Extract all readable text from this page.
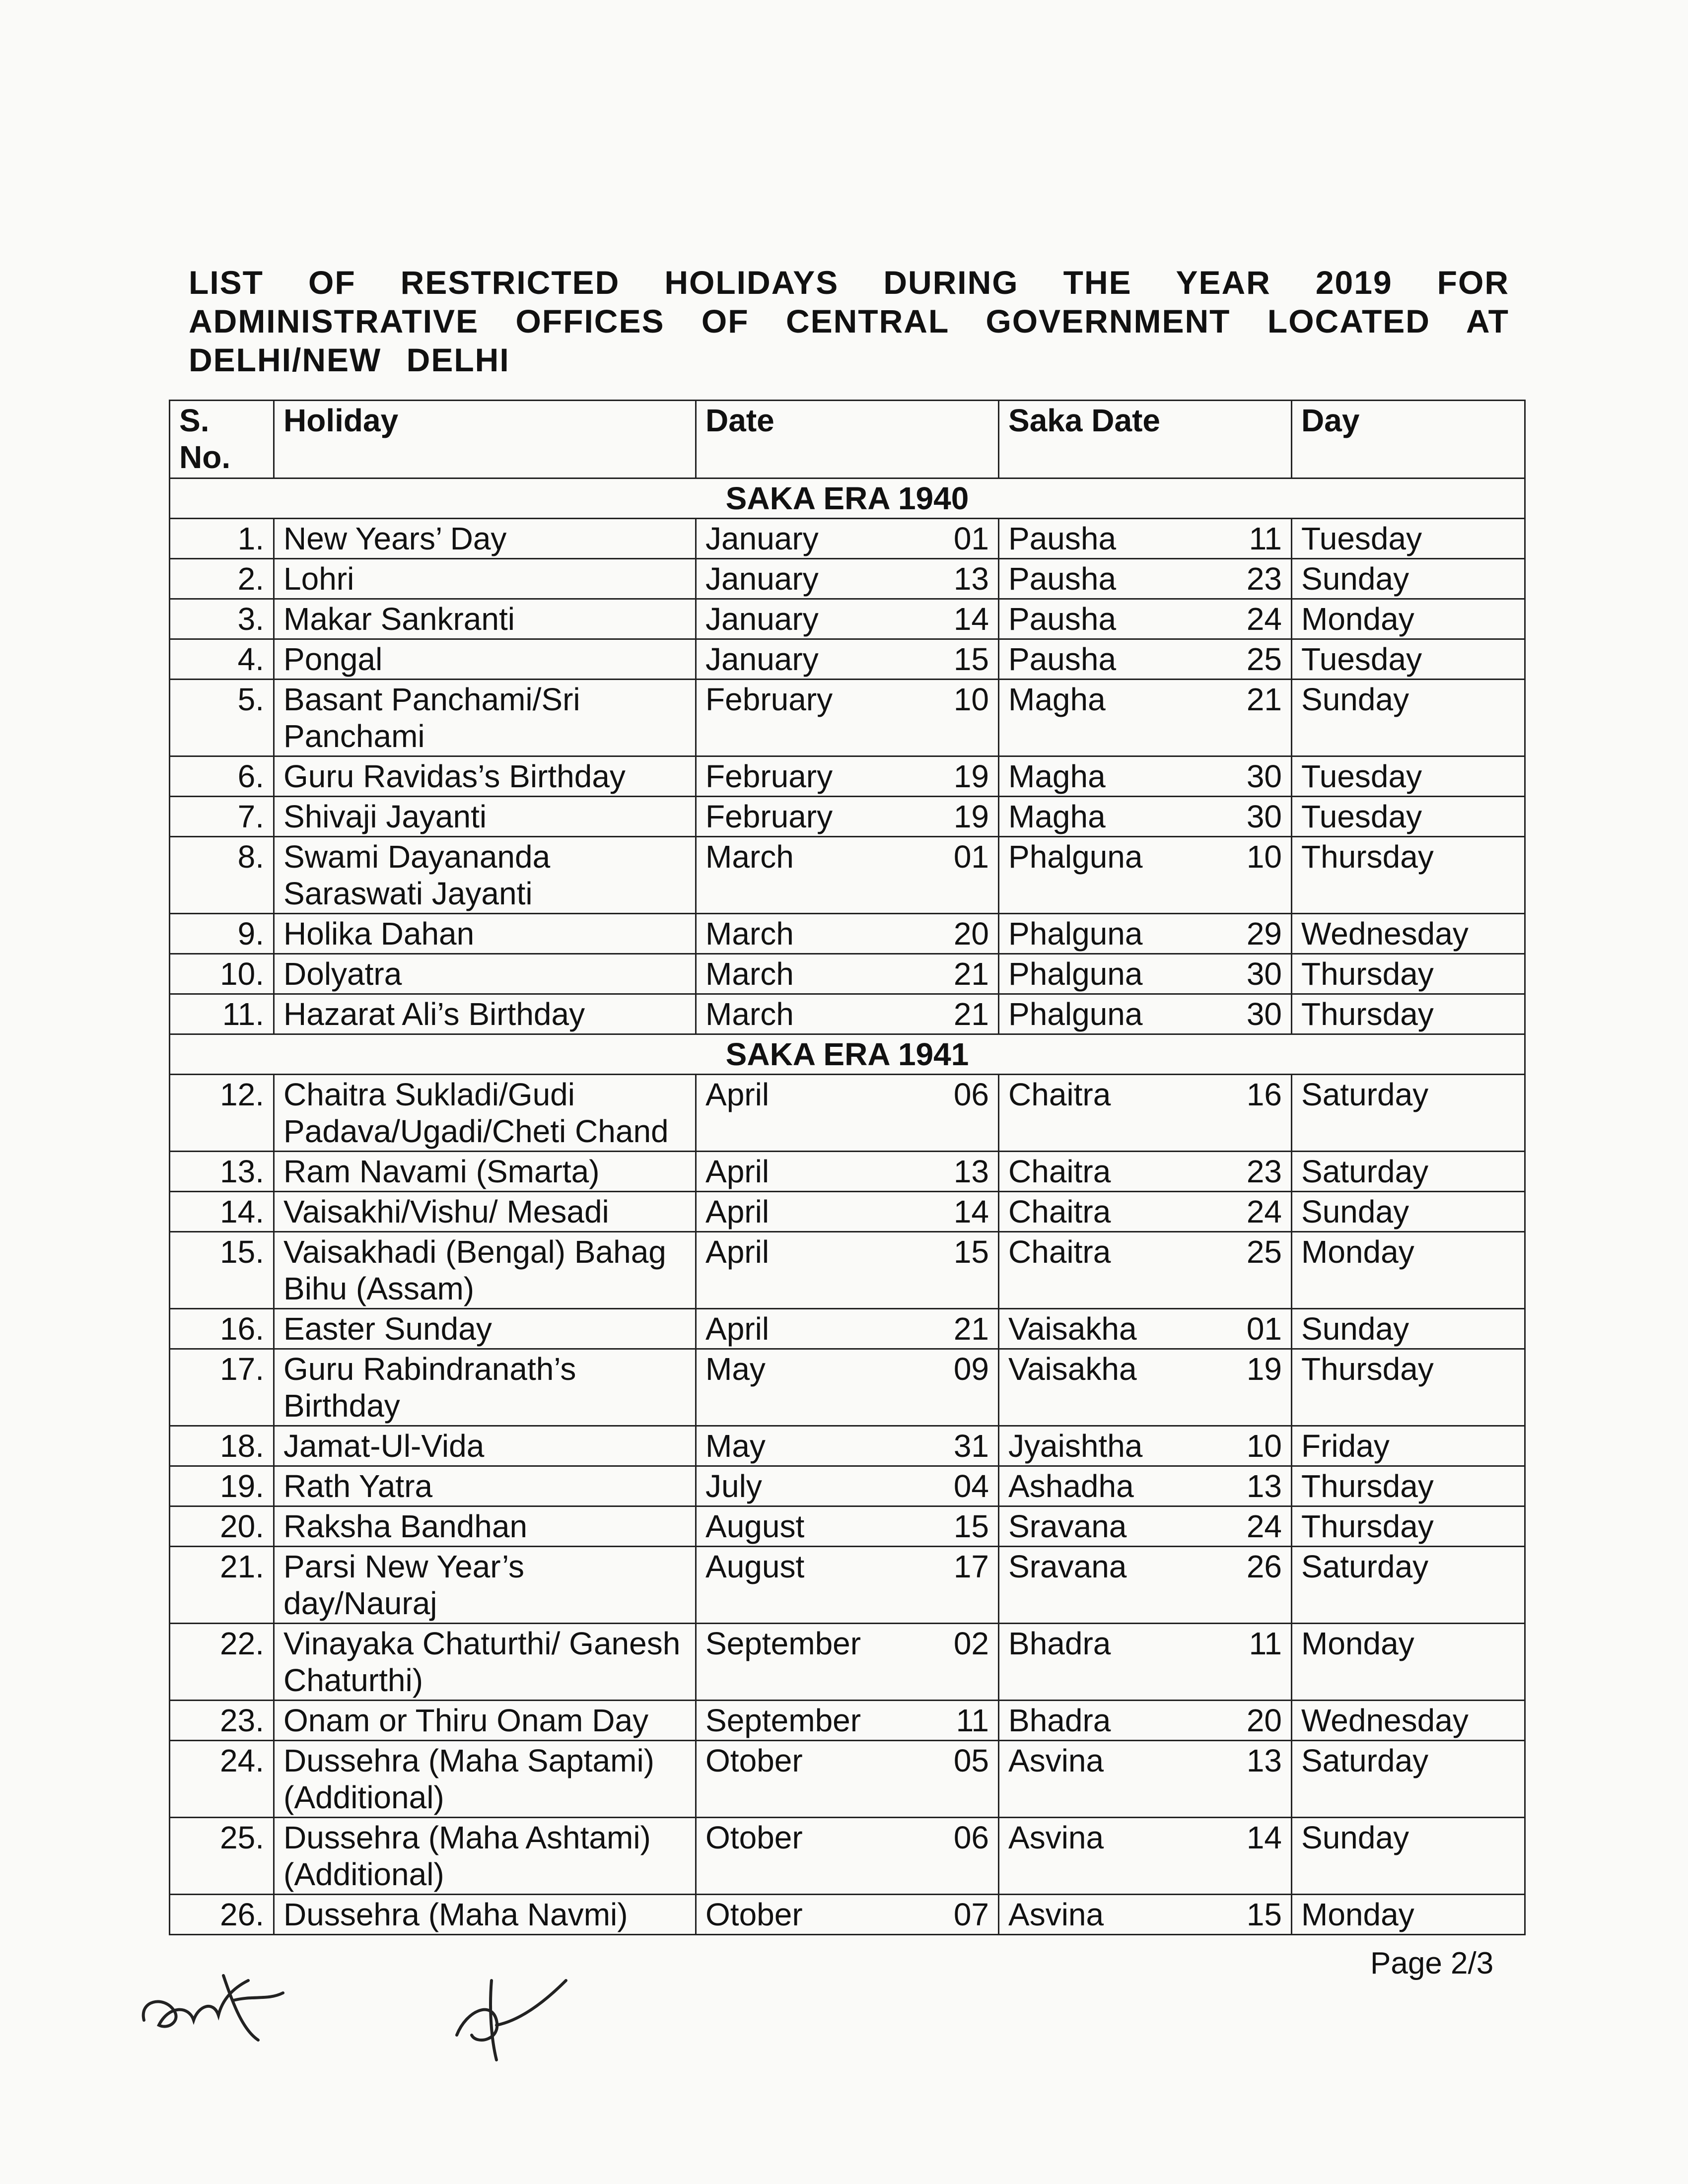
LIST OF RESTRICTED HOLIDAYS DURING THE YEAR 2019 FOR ADMINISTRATIVE OFFICES OF CENTRAL GOVERNMENT LOCATED AT DELHI/NEW DELHI
S. No.	Holiday	Date	Saka Date	Day
SAKA ERA 1940				
1.	New Years’ Day	January 01	Pausha 11	Tuesday
2.	Lohri	January 13	Pausha 23	Sunday
3.	Makar Sankranti	January 14	Pausha 24	Monday
4.	Pongal	January 15	Pausha 25	Tuesday
5.	Basant Panchami/Sri Panchami	February 10	Magha 21	Sunday
6.	Guru Ravidas’s Birthday	February 19	Magha 30	Tuesday
7.	Shivaji Jayanti	February 19	Magha 30	Tuesday
8.	Swami Dayananda Saraswati Jayanti	March 01	Phalguna 10	Thursday
9.	Holika Dahan	March 20	Phalguna 29	Wednesday
10.	Dolyatra	March 21	Phalguna 30	Thursday
11.	Hazarat Ali’s Birthday	March 21	Phalguna 30	Thursday
SAKA ERA 1941				
12.	Chaitra Sukladi/Gudi Padava/Ugadi/Cheti Chand	April 06	Chaitra 16	Saturday
13.	Ram Navami (Smarta)	April 13	Chaitra 23	Saturday
14.	Vaisakhi/Vishu/ Mesadi	April 14	Chaitra 24	Sunday
15.	Vaisakhadi (Bengal) Bahag Bihu (Assam)	April 15	Chaitra 25	Monday
16.	Easter Sunday	April 21	Vaisakha 01	Sunday
17.	Guru Rabindranath’s Birthday	May 09	Vaisakha 19	Thursday
18.	Jamat-Ul-Vida	May 31	Jyaishtha 10	Friday
19.	Rath Yatra	July 04	Ashadha 13	Thursday
20.	Raksha Bandhan	August 15	Sravana 24	Thursday
21.	Parsi New Year’s day/Nauraj	August 17	Sravana 26	Saturday
22.	Vinayaka Chaturthi/ Ganesh Chaturthi)	September 02	Bhadra 11	Monday
23.	Onam or Thiru Onam Day	September 11	Bhadra 20	Wednesday
24.	Dussehra (Maha Saptami) (Additional)	Otober 05	Asvina 13	Saturday
25.	Dussehra (Maha Ashtami) (Additional)	Otober 06	Asvina 14	Sunday
26.	Dussehra (Maha Navmi)	Otober 07	Asvina 15	Monday
Page 2/3
